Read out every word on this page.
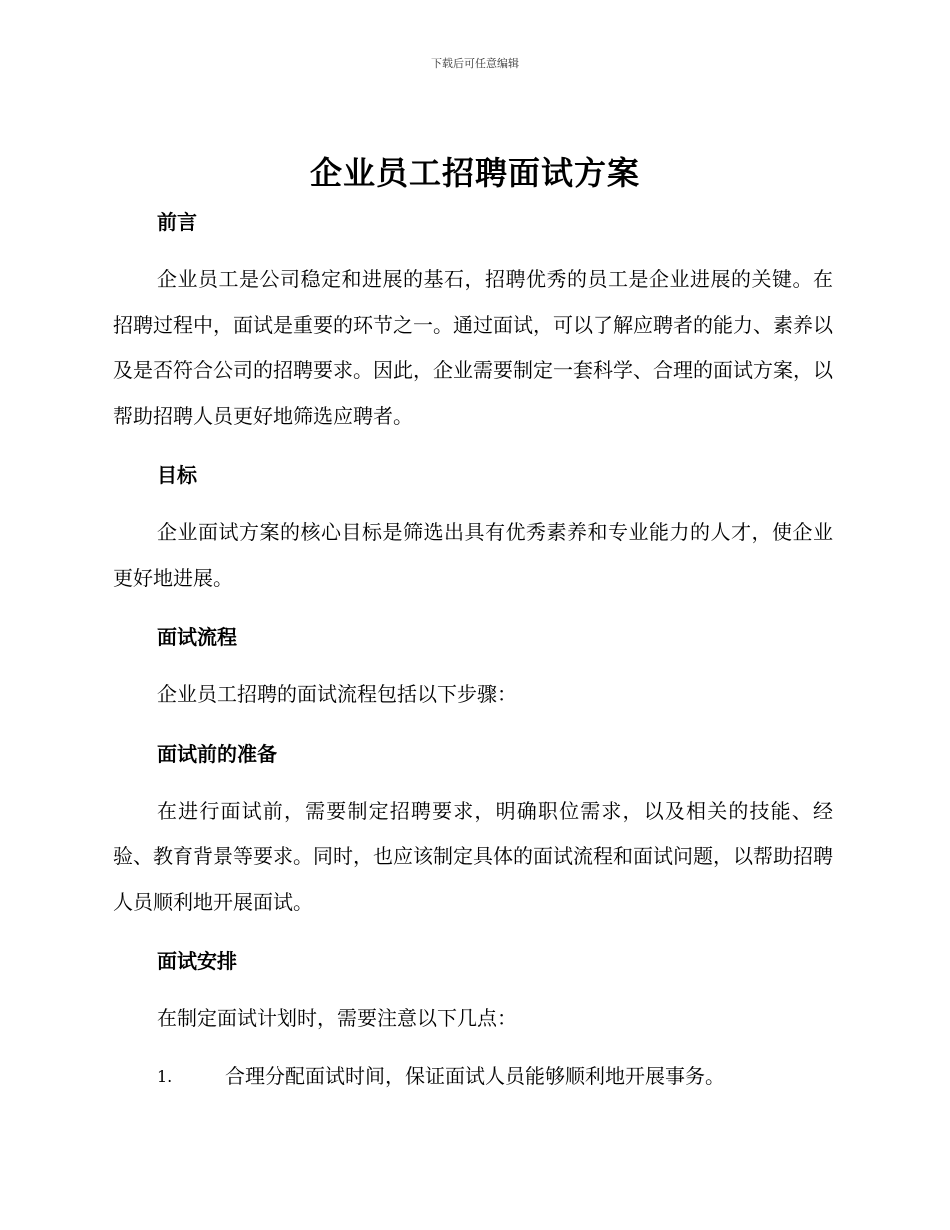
下载后可任意编辑
企业员工招聘面试方案
前言

企业员工是公司稳定和进展的基石，招聘优秀的员工是企业进展的关键。在招聘过程中，面试是重要的环节之一。通过面试，可以了解应聘者的能力、素养以及是否符合公司的招聘要求。因此，企业需要制定一套科学、合理的面试方案，以帮助招聘人员更好地筛选应聘者。

目标

企业面试方案的核心目标是筛选出具有优秀素养和专业能力的人才，使企业更好地进展。

面试流程

企业员工招聘的面试流程包括以下步骤：

面试前的准备

在进行面试前，需要制定招聘要求，明确职位需求，以及相关的技能、经验、教育背景等要求。同时，也应该制定具体的面试流程和面试问题，以帮助招聘人员顺利地开展面试。

面试安排

在制定面试计划时，需要注意以下几点：

1.	合理分配面试时间，保证面试人员能够顺利地开展事务。
